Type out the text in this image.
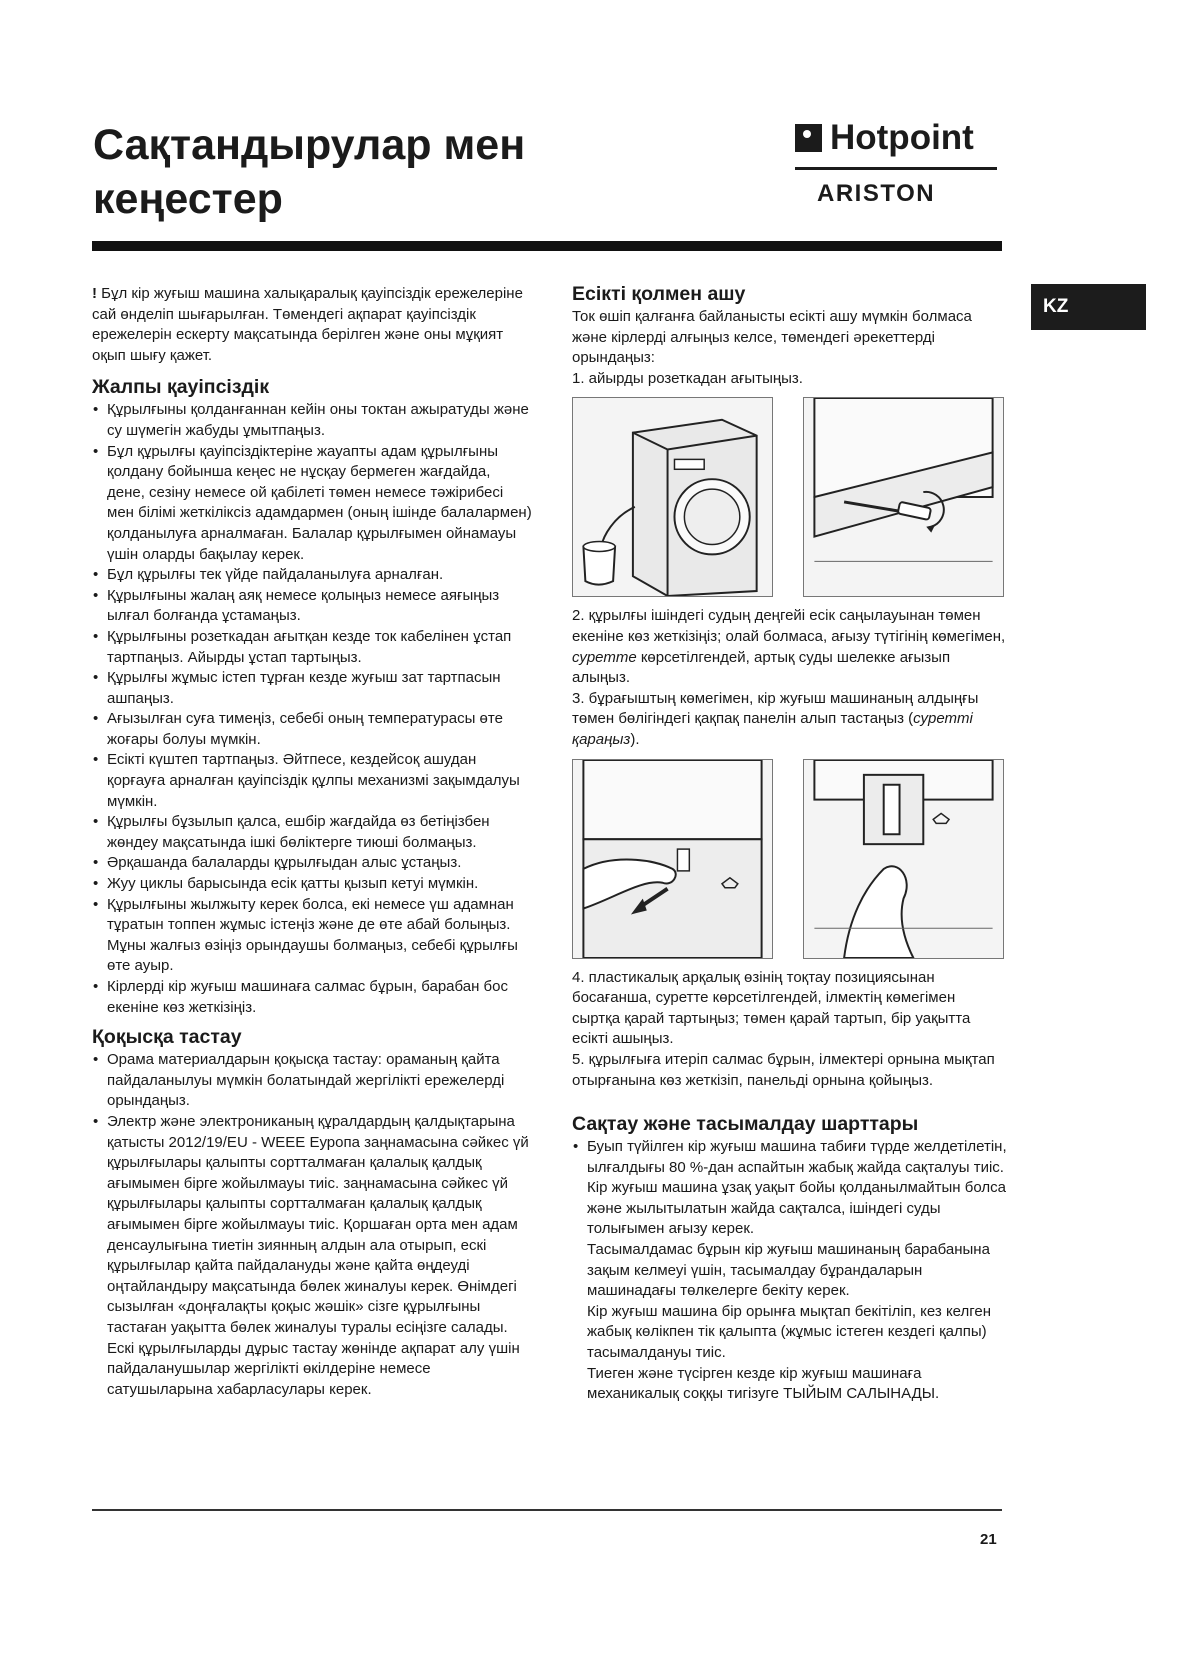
Сақтандырулар мен
кеңестер
Hotpoint
ARISTON
KZ

! Бұл кір жуғыш машина халықаралық қауіпсіздік ережелеріне сай өнделіп шығарылған. Төмендегі ақпарат қауіпсіздік ережелерін ескерту мақсатында берілген және оны мұқият оқып шығу қажет.

Жалпы қауіпсіздік
• Құрылғыны қолданғаннан кейін оны токтан ажыратуды және су шүмегін жабуды ұмытпаңыз.
• Бұл құрылғы қауіпсіздіктеріне жауапты адам құрылғыны қолдану бойынша кеңес не нұсқау бермеген жағдайда, дене, сезіну немесе ой қабілеті төмен немесе тәжірибесі мен білімі жеткіліксіз адамдармен (оның ішінде балалармен) қолданылуға арналмаған. Балалар құрылғымен ойнамауы үшін оларды бақылау керек.
• Бұл құрылғы тек үйде пайдаланылуға арналған.
• Құрылғыны жалаң аяқ немесе қолыңыз немесе аяғыңыз ылғал болғанда ұстамаңыз.
• Құрылғыны розеткадан ағытқан кезде ток кабелінен ұстап тартпаңыз. Айырды ұстап тартыңыз.
• Құрылғы жұмыс істеп тұрған кезде жуғыш зат тартпасын ашпаңыз.
• Ағызылған суға тимеңіз, себебі оның температурасы өте жоғары болуы мүмкін.
• Есікті күштеп тартпаңыз. Әйтпесе, кездейсоқ ашудан қорғауға арналған қауіпсіздік құлпы механизмі зақымдалуы мүмкін.
• Құрылғы бұзылып қалса, ешбір жағдайда өз бетіңізбен жөндеу мақсатында ішкі бөліктерге тиюші болмаңыз.
• Әрқашанда балаларды құрылғыдан алыс ұстаңыз.
• Жуу циклы барысында есік қатты қызып кетуі мүмкін.
• Құрылғыны жылжыту керек болса, екі немесе үш адамнан тұратын топпен жұмыс істеңіз және де өте абай болыңыз. Мұны жалғыз өзіңіз орындаушы болмаңыз, себебі құрылғы өте ауыр.
• Кірлерді кір жуғыш машинаға салмас бұрын, барабан бос екеніне көз жеткізіңіз.
Қоқысқа тастау
• Орама материалдарын қоқысқа тастау: ораманың қайта пайдаланылуы мүмкін болатындай жергілікті ережелерді орындаңыз.
• Электр және электрониканың құралдардың қалдықтарына қатысты 2012/19/EU - WEEE Еуропа заңнамасына сәйкес үй құрылғылары қалыпты сортталмаған қалалық қалдық ағымымен бірге жойылмауы тиіс. заңнамасына сәйкес үй құрылғылары қалыпты сортталмаған қалалық қалдық ағымымен бірге жойылмауы тиіс. Қоршаған орта мен адам денсаулығына тиетін зиянның алдын ала отырып, ескі құрылғылар қайта пайдалануды және қайта өңдеуді оңтайландыру мақсатында бөлек жиналуы керек. Өнімдегі сызылған «доңғалақты қоқыс жәшік» сізге құрылғыны тастаған уақытта бөлек жиналуы туралы есіңізге салады. Ескі құрылғыларды дұрыс тастау жөнінде ақпарат алу үшін пайдаланушылар жергілікті өкілдеріне немесе сатушыларына хабарласулары керек.
Есікті қолмен ашу

Ток өшіп қалғанға байланысты есікті ашу мүмкін болмаса және кірлерді алғыңыз келсе, төмендегі әрекеттерді орындаңыз:

1. айырды розеткадан ағытыңыз.

2. құрылғы ішіндегі судың деңгейі есік саңылауынан төмен екеніне көз жеткізіңіз; олай болмаса, ағызу түтігінің көмегімен, суретте көрсетілгендей, артық суды шелекке ағызып алыңыз.

3. бұрағыштың көмегімен, кір жуғыш машинаның алдыңғы төмен бөлігіндегі қақпақ панелін алып тастаңыз (суретті қараңыз).

4. пластикалық арқалық өзінің тоқтау позициясынан босағанша, суретте көрсетілгендей, ілмектің көмегімен сыртқа қарай тартыңыз; төмен қарай тартып, бір уақытта есікті ашыңыз.

5. құрылғыға итеріп салмас бұрын, ілмектері орнына мықтап отырғанына көз жеткізіп, панельді орнына қойыңыз.

Сақтау және тасымалдау шарттары
• Буып түйілген кір жуғыш машина табиғи түрде желдетілетін, ылғалдығы 80 %-дан аспайтын жабық жайда сақталуы тиіс.

Кір жуғыш машина ұзақ уақыт бойы қолданылмайтын болса және жылытылатын жайда сақталса, ішіндегі суды толығымен ағызу керек.

Тасымалдамас бұрын кір жуғыш машинаның барабанына зақым келмеуі үшін, тасымалдау бұрандаларын машинадағы төлкелерге бекіту керек.

Кір жуғыш машина бір орынға мықтап бекітіліп, кез келген жабық көлікпен тік қалыпта (жұмыс істеген кездегі қалпы) тасымалдануы тиіс.

Тиеген және түсірген кезде кір жуғыш машинаға механикалық соққы тигізуге ТЫЙЫМ САЛЫНАДЫ.

21
